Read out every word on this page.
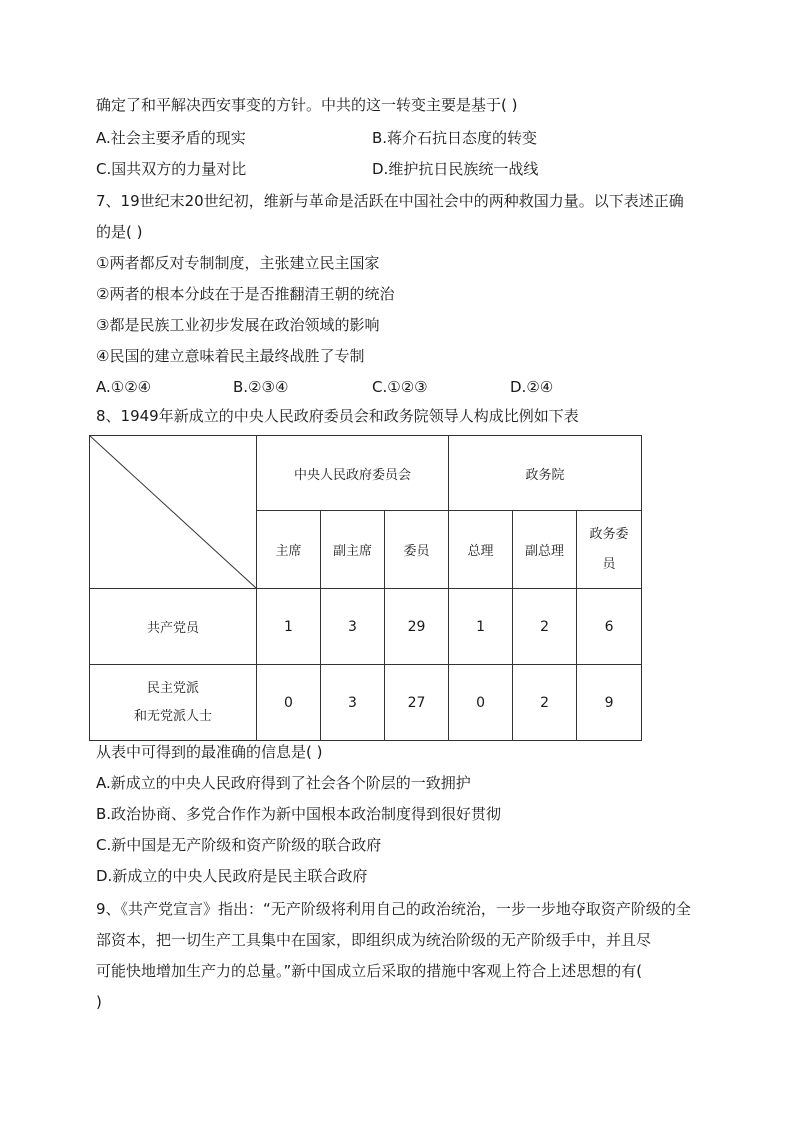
确定了和平解决西安事变的方针。中共的这一转变主要是基于( )
A.社会主要矛盾的现实	B.蒋介石抗日态度的转变
C.国共双方的力量对比	D.维护抗日民族统一战线
7、19世纪末20世纪初，维新与革命是活跃在中国社会中的两种救国力量。以下表述正确
的是( )
①两者都反对专制制度，主张建立民主国家
②两者的根本分歧在于是否推翻清王朝的统治
③都是民族工业初步发展在政治领域的影响
④民国的建立意味着民主最终战胜了专制
A.①②④	B.②③④	C.①②③	D.②④
8、1949年新成立的中央人民政府委员会和政务院领导人构成比例如下表
	中央人民政府委员会			政务院		
	主席	副主席	委员	总理	副总理	政务委员

共产党员	1	3	29	1	2	6

民主党派
和无党派人士	0	3	27	0	2	9
从表中可得到的最准确的信息是( )
A.新成立的中央人民政府得到了社会各个阶层的一致拥护
B.政治协商、多党合作作为新中国根本政治制度得到很好贯彻
C.新中国是无产阶级和资产阶级的联合政府
D.新成立的中央人民政府是民主联合政府
9、《共产党宣言》指出：“无产阶级将利用自己的政治统治，一步一步地夺取资产阶级的全
部资本，把一切生产工具集中在国家，即组织成为统治阶级的无产阶级手中，并且尽
可能快地增加生产力的总量。”新中国成立后采取的措施中客观上符合上述思想的有(
)
